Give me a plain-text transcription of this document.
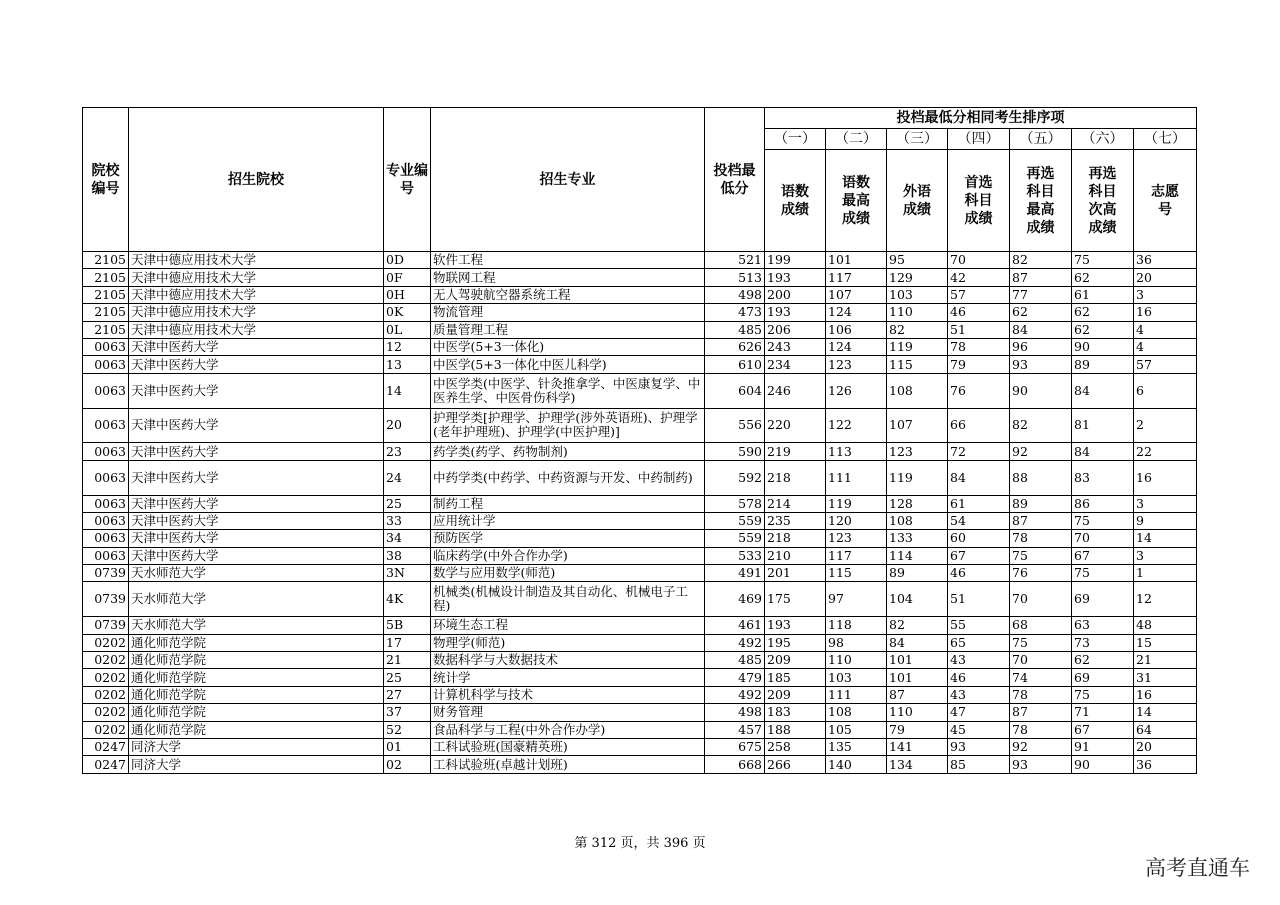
院校编号	招生院校	专业编号	招生专业	投档最低分	投档最低分相同考生排序项						
					（一）	（二）	（三）	（四）	（五）	（六）	（七）
					语数成绩	语数最高成绩	外语成绩	首选科目成绩	再选科目最高成绩	再选科目次高成绩	志愿号
2105	天津中德应用技术大学	0D	软件工程	521	199	101	95	70	82	75	36
2105	天津中德应用技术大学	0F	物联网工程	513	193	117	129	42	87	62	20
2105	天津中德应用技术大学	0H	无人驾驶航空器系统工程	498	200	107	103	57	77	61	3
2105	天津中德应用技术大学	0K	物流管理	473	193	124	110	46	62	62	16
2105	天津中德应用技术大学	0L	质量管理工程	485	206	106	82	51	84	62	4
0063	天津中医药大学	12	中医学(5+3一体化)	626	243	124	119	78	96	90	4
0063	天津中医药大学	13	中医学(5+3一体化中医儿科学)	610	234	123	115	79	93	89	57
0063	天津中医药大学	14	中医学类(中医学、针灸推拿学、中医康复学、中医养生学、中医骨伤科学)	604	246	126	108	76	90	84	6
0063	天津中医药大学	20	护理学类[护理学、护理学(涉外英语班)、护理学(老年护理班)、护理学(中医护理)]	556	220	122	107	66	82	81	2
0063	天津中医药大学	23	药学类(药学、药物制剂)	590	219	113	123	72	92	84	22
0063	天津中医药大学	24	中药学类(中药学、中药资源与开发、中药制药)	592	218	111	119	84	88	83	16
0063	天津中医药大学	25	制药工程	578	214	119	128	61	89	86	3
0063	天津中医药大学	33	应用统计学	559	235	120	108	54	87	75	9
0063	天津中医药大学	34	预防医学	559	218	123	133	60	78	70	14
0063	天津中医药大学	38	临床药学(中外合作办学)	533	210	117	114	67	75	67	3
0739	天水师范大学	3N	数学与应用数学(师范)	491	201	115	89	46	76	75	1
0739	天水师范大学	4K	机械类(机械设计制造及其自动化、机械电子工程)	469	175	97	104	51	70	69	12
0739	天水师范大学	5B	环境生态工程	461	193	118	82	55	68	63	48
0202	通化师范学院	17	物理学(师范)	492	195	98	84	65	75	73	15
0202	通化师范学院	21	数据科学与大数据技术	485	209	110	101	43	70	62	21
0202	通化师范学院	25	统计学	479	185	103	101	46	74	69	31
0202	通化师范学院	27	计算机科学与技术	492	209	111	87	43	78	75	16
0202	通化师范学院	37	财务管理	498	183	108	110	47	87	71	14
0202	通化师范学院	52	食品科学与工程(中外合作办学)	457	188	105	79	45	78	67	64
0247	同济大学	01	工科试验班(国豪精英班)	675	258	135	141	93	92	91	20
0247	同济大学	02	工科试验班(卓越计划班)	668	266	140	134	85	93	90	36
第 312 页，共 396 页
高考直通车
